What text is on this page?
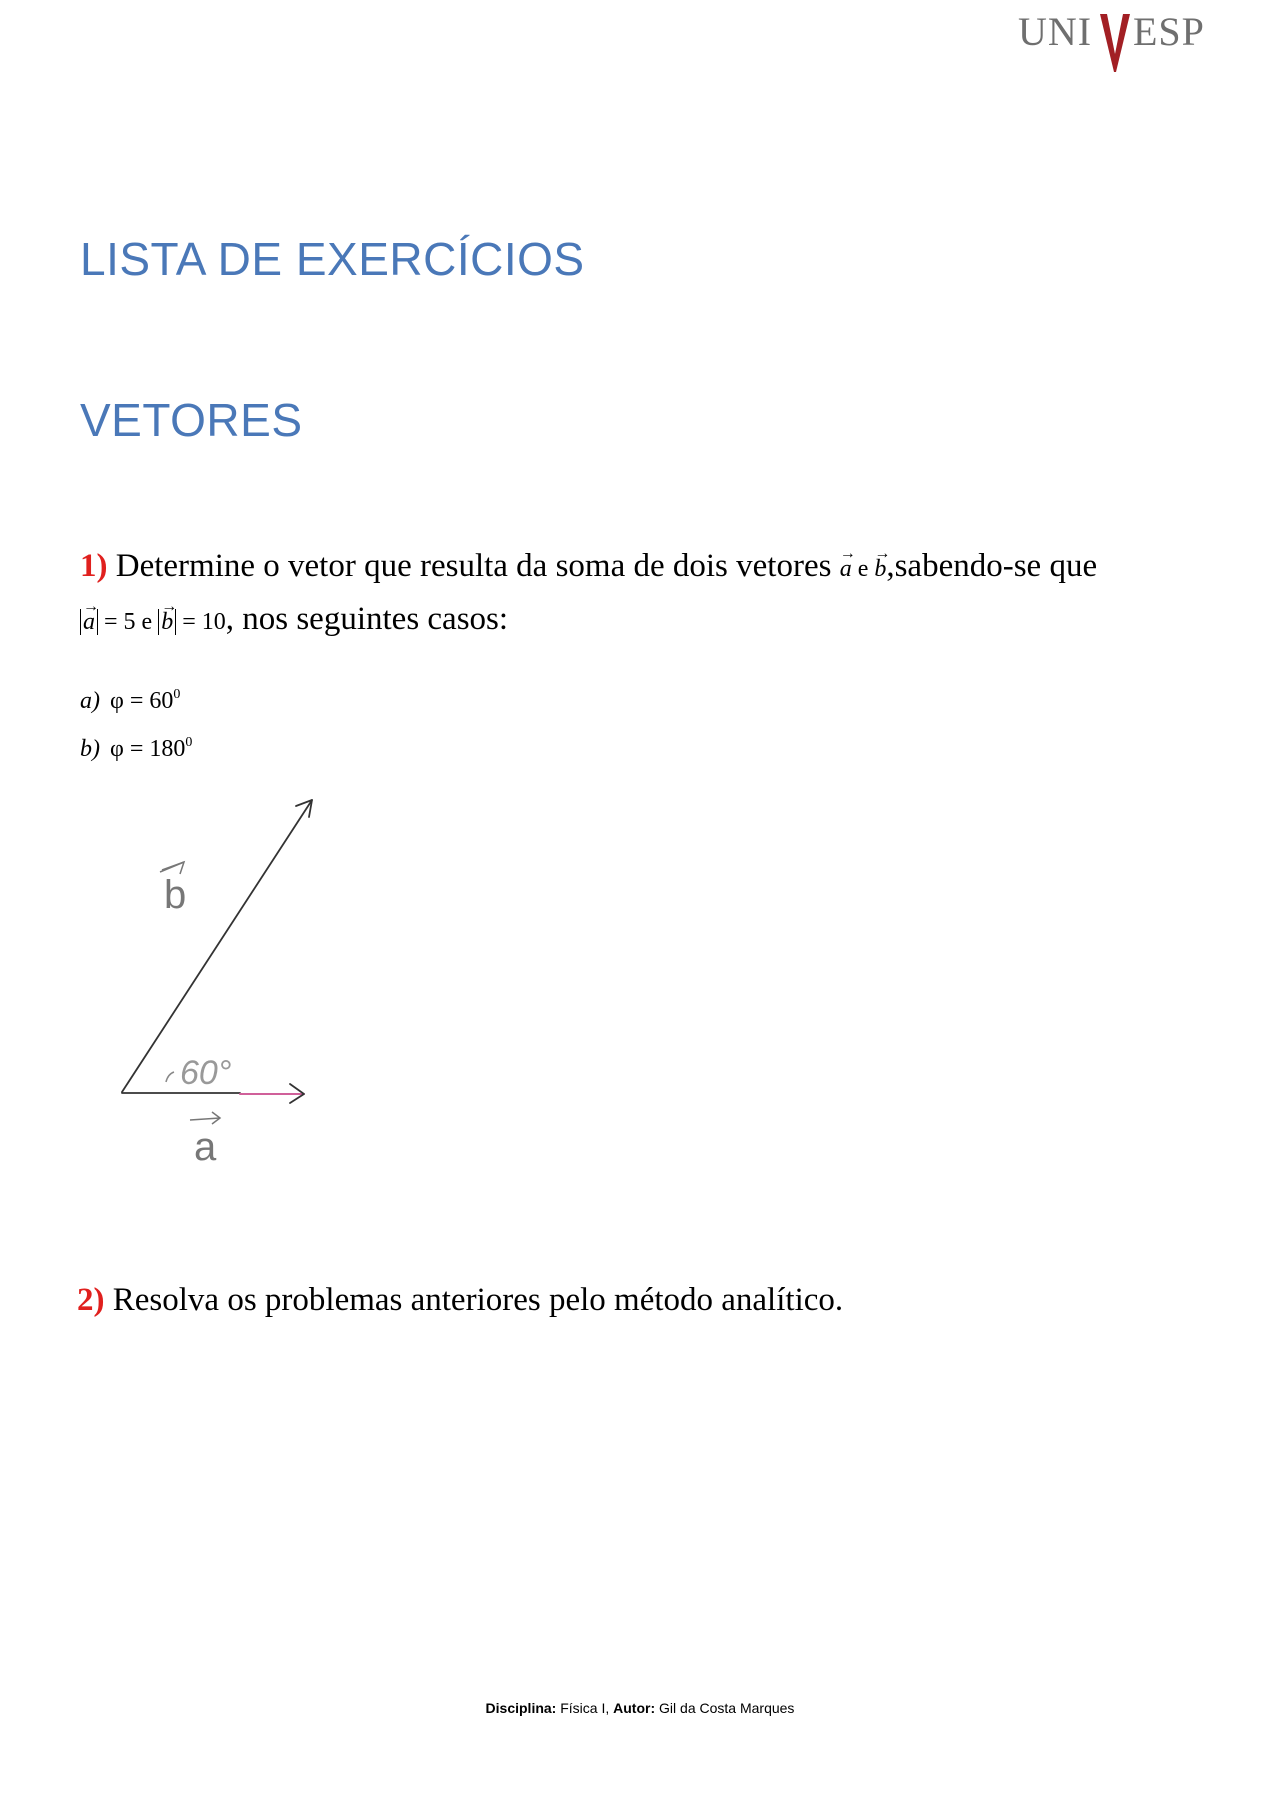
UNI ESP
LISTA DE EXERCÍCIOS
VETORES
1) Determine o vetor que resulta da soma de dois vetores → a e → b,sabendo-se que
→ a = 5 e → b = 10, nos seguintes casos:
a) $\varphi = 60^0$
b) $\varphi = 180^0$
60°
b
a
2) Resolva os problemas anteriores pelo método analítico.
Disciplina: Física I, Autor: Gil da Costa Marques
